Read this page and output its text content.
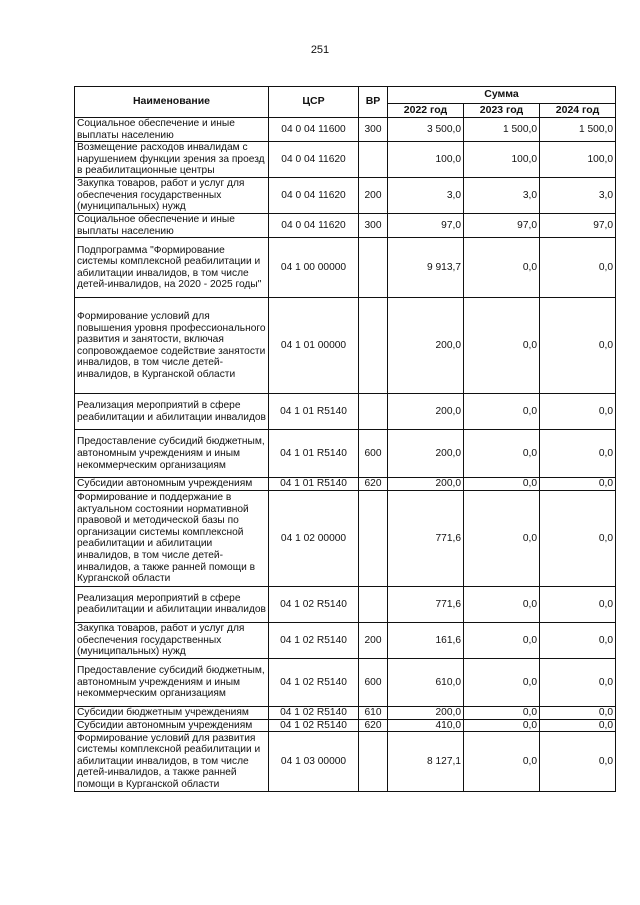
251
Наименование	ЦСР	ВР	Сумма		
			2022 год	2023 год	2024 год
Социальное обеспечение и иные выплаты населению	04 0 04 11600	300	3 500,0	1 500,0	1 500,0
Возмещение расходов инвалидам с нарушением функции зрения за проезд в реабилитационные центры	04 0 04 11620		100,0	100,0	100,0
Закупка товаров, работ и услуг для обеспечения государственных (муниципальных) нужд	04 0 04 11620	200	3,0	3,0	3,0
Социальное обеспечение и иные выплаты населению	04 0 04 11620	300	97,0	97,0	97,0
Подпрограмма "Формирование системы комплексной реабилитации и абилитации инвалидов, в том числе детей-инвалидов, на 2020 - 2025 годы"	04 1 00 00000		9 913,7	0,0	0,0
Формирование условий для повышения уровня профессионального развития и занятости, включая сопровождаемое содействие занятости инвалидов, в том числе детей-инвалидов, в Курганской области	04 1 01 00000		200,0	0,0	0,0
Реализация мероприятий в сфере реабилитации и абилитации инвалидов	04 1 01 R5140		200,0	0,0	0,0
Предоставление субсидий бюджетным, автономным учреждениям и иным некоммерческим организациям	04 1 01 R5140	600	200,0	0,0	0,0
Субсидии автономным учреждениям	04 1 01 R5140	620	200,0	0,0	0,0
Формирование и поддержание в актуальном состоянии нормативной правовой и методической базы по организации системы комплексной реабилитации и абилитации инвалидов, в том числе детей-инвалидов, а также ранней помощи в Курганской области	04 1 02 00000		771,6	0,0	0,0
Реализация мероприятий в сфере реабилитации и абилитации инвалидов	04 1 02 R5140		771,6	0,0	0,0
Закупка товаров, работ и услуг для обеспечения государственных (муниципальных) нужд	04 1 02 R5140	200	161,6	0,0	0,0
Предоставление субсидий бюджетным, автономным учреждениям и иным некоммерческим организациям	04 1 02 R5140	600	610,0	0,0	0,0
Субсидии бюджетным учреждениям	04 1 02 R5140	610	200,0	0,0	0,0
Субсидии автономным учреждениям	04 1 02 R5140	620	410,0	0,0	0,0
Формирование условий для развития системы комплексной реабилитации и абилитации инвалидов, в том числе детей-инвалидов, а также ранней помощи в Курганской области	04 1 03 00000		8 127,1	0,0	0,0
